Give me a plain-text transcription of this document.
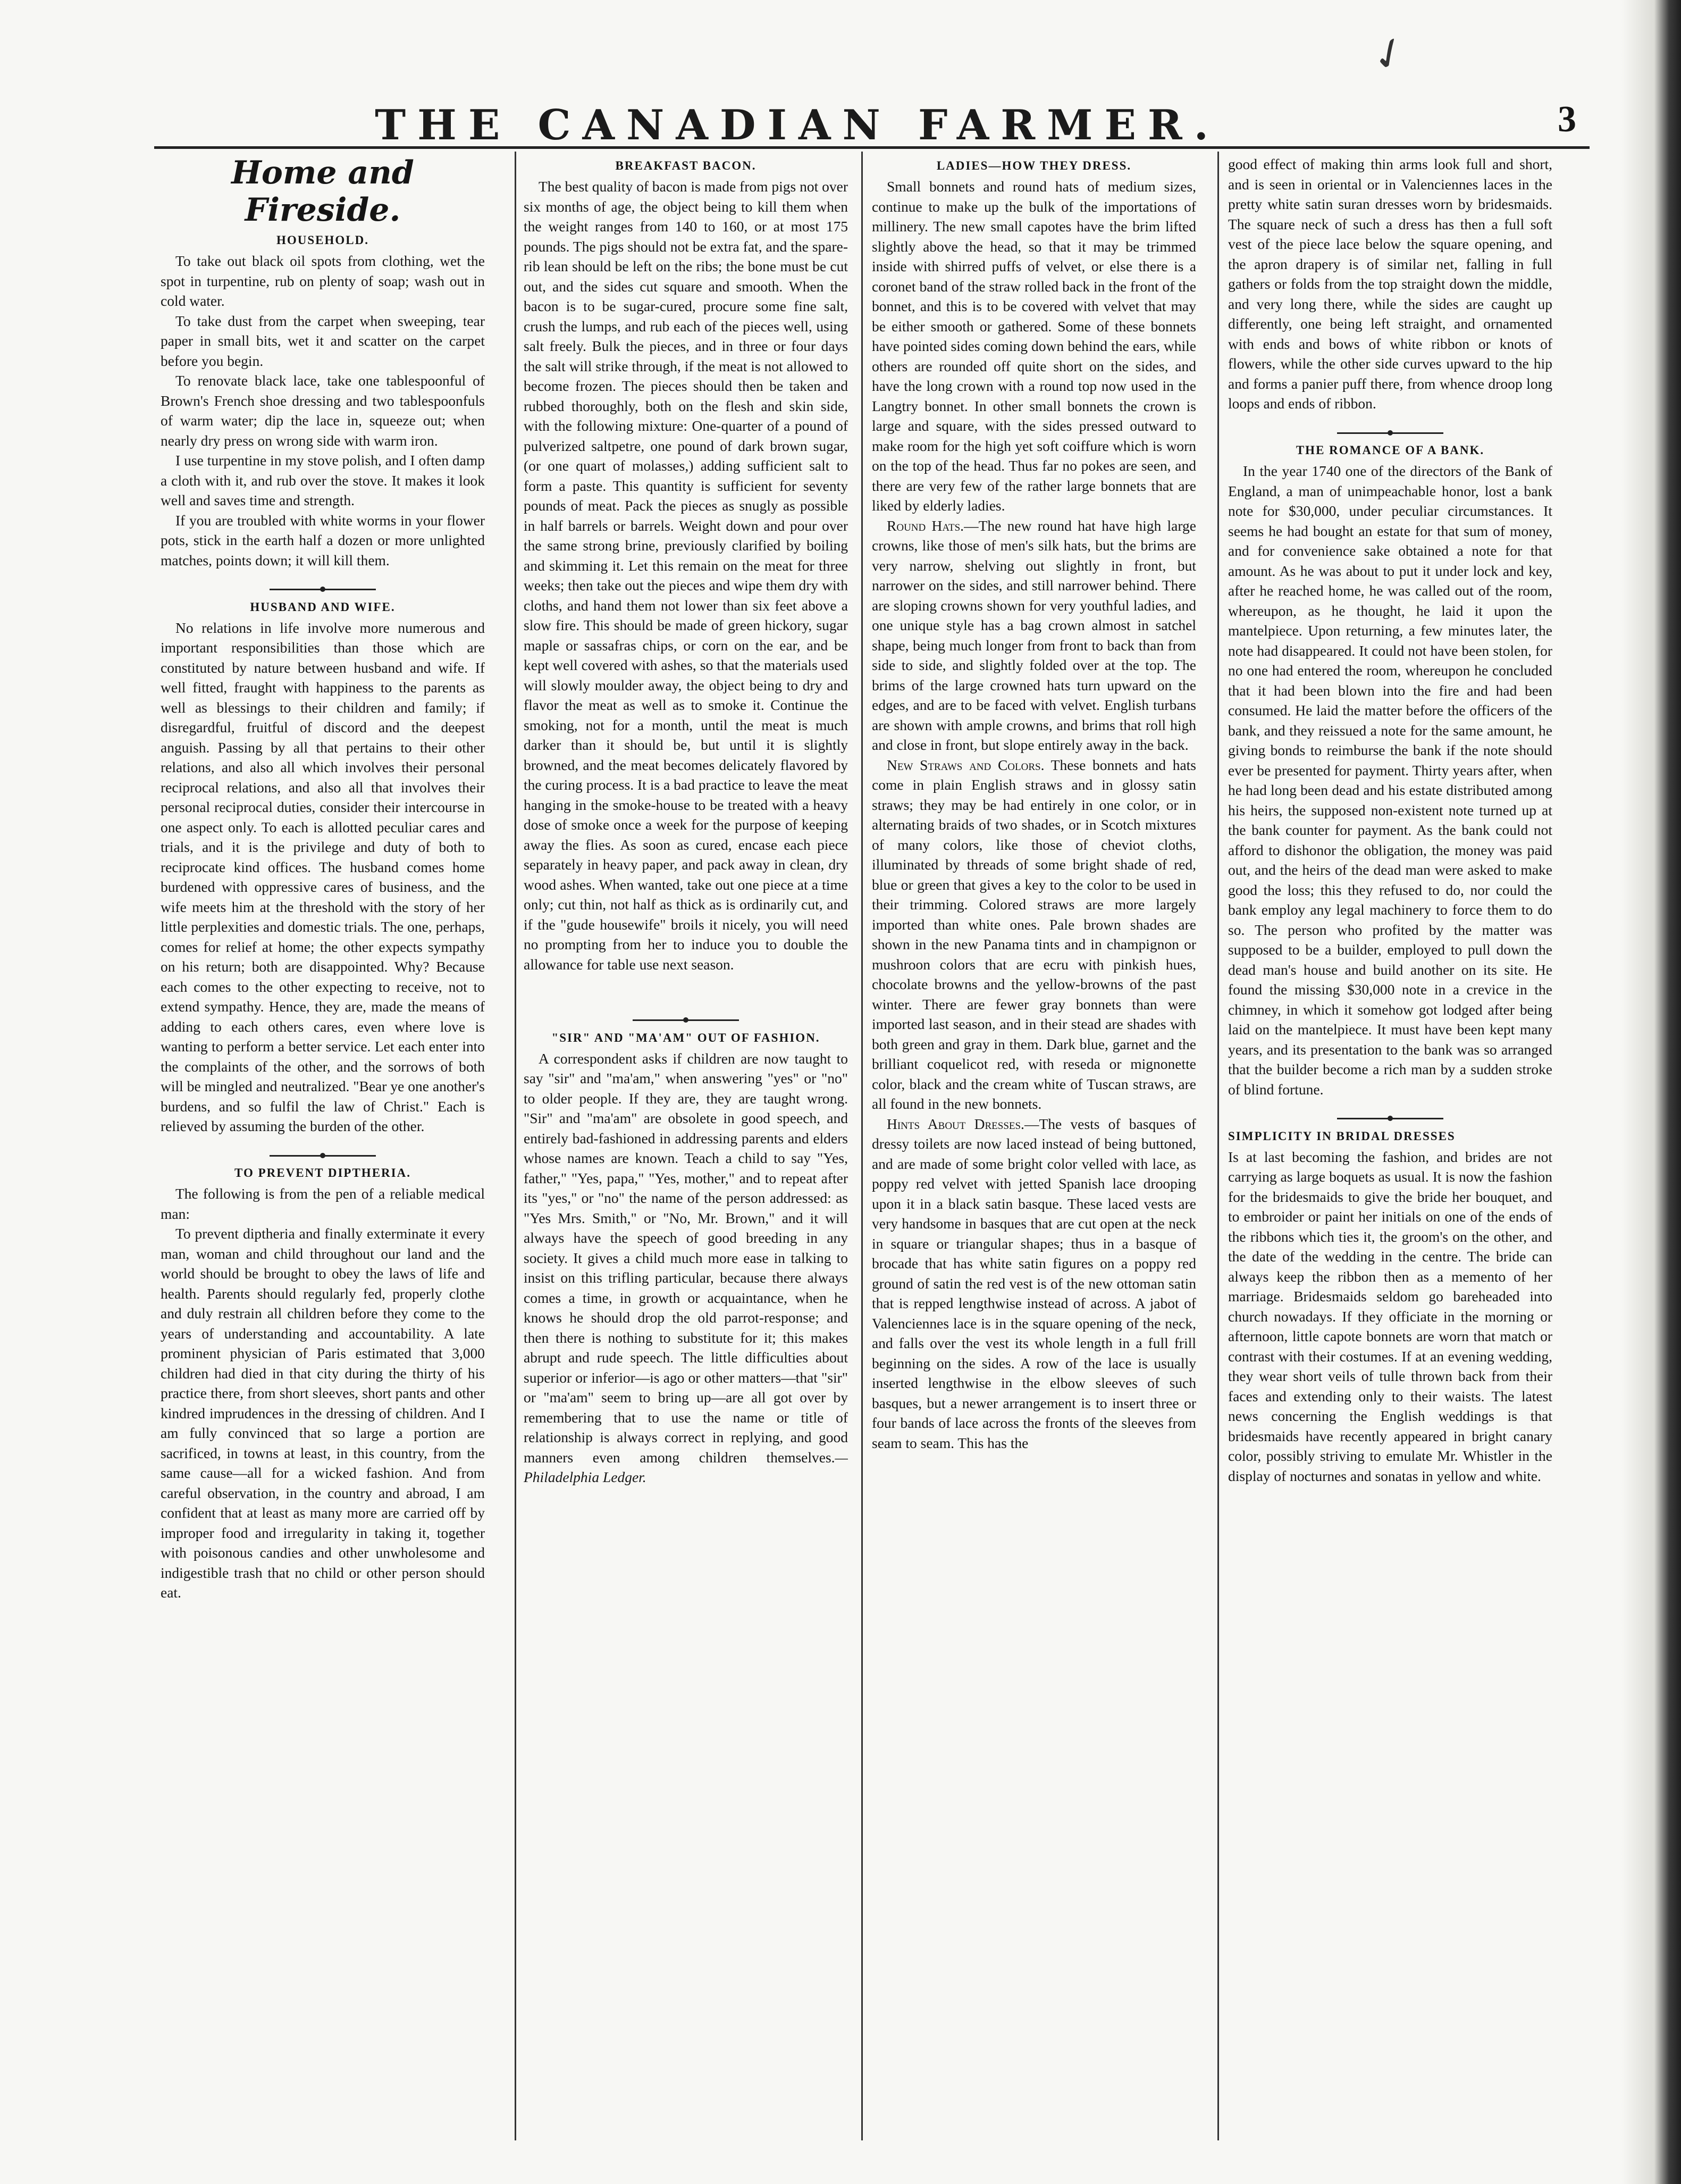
✓
THE CANADIAN FARMER.	3
Home and Fireside.
HOUSEHOLD.

To take out black oil spots from clothing, wet the spot in turpentine, rub on plenty of soap; wash out in cold water.

To take dust from the carpet when sweeping, tear paper in small bits, wet it and scatter on the carpet before you begin.

To renovate black lace, take one tablespoonful of Brown's French shoe dressing and two tablespoonfuls of warm water; dip the lace in, squeeze out; when nearly dry press on wrong side with warm iron.

I use turpentine in my stove polish, and I often damp a cloth with it, and rub over the stove. It makes it look well and saves time and strength.

If you are troubled with white worms in your flower pots, stick in the earth half a dozen or more unlighted matches, points down; it will kill them.

HUSBAND AND WIFE.

No relations in life involve more numerous and important responsibilities than those which are constituted by nature between husband and wife. If well fitted, fraught with happiness to the parents as well as blessings to their children and family; if disregardful, fruitful of discord and the deepest anguish. Passing by all that pertains to their other relations, and also all which involves their personal reciprocal relations, and also all that involves their personal reciprocal duties, consider their intercourse in one aspect only. To each is allotted peculiar cares and trials, and it is the privilege and duty of both to reciprocate kind offices. The husband comes home burdened with oppressive cares of business, and the wife meets him at the threshold with the story of her little perplexities and domestic trials. The one, perhaps, comes for relief at home; the other expects sympathy on his return; both are disappointed. Why? Because each comes to the other expecting to receive, not to extend sympathy. Hence, they are, made the means of adding to each others cares, even where love is wanting to perform a better service. Let each enter into the complaints of the other, and the sorrows of both will be mingled and neutralized. "Bear ye one another's burdens, and so fulfil the law of Christ." Each is relieved by assuming the burden of the other.

TO PREVENT DIPTHERIA.

The following is from the pen of a reliable medical man:

To prevent diptheria and finally exterminate it every man, woman and child throughout our land and the world should be brought to obey the laws of life and health. Parents should regularly fed, properly clothe and duly restrain all children before they come to the years of understanding and accountability. A late prominent physician of Paris estimated that 3,000 children had died in that city during the thirty of his practice there, from short sleeves, short pants and other kindred imprudences in the dressing of children. And I am fully convinced that so large a portion are sacrificed, in towns at least, in this country, from the same cause—all for a wicked fashion. And from careful observation, in the country and abroad, I am confident that at least as many more are carried off by improper food and irregularity in taking it, together with poisonous candies and other unwholesome and indigestible trash that no child or other person should eat.

BREAKFAST BACON.

The best quality of bacon is made from pigs not over six months of age, the object being to kill them when the weight ranges from 140 to 160, or at most 175 pounds. The pigs should not be extra fat, and the spare-rib lean should be left on the ribs; the bone must be cut out, and the sides cut square and smooth. When the bacon is to be sugar-cured, procure some fine salt, crush the lumps, and rub each of the pieces well, using salt freely. Bulk the pieces, and in three or four days the salt will strike through, if the meat is not allowed to become frozen. The pieces should then be taken and rubbed thoroughly, both on the flesh and skin side, with the following mixture: One-quarter of a pound of pulverized saltpetre, one pound of dark brown sugar, (or one quart of molasses,) adding sufficient salt to form a paste. This quantity is sufficient for seventy pounds of meat. Pack the pieces as snugly as possible in half barrels or barrels. Weight down and pour over the same strong brine, previously clarified by boiling and skimming it. Let this remain on the meat for three weeks; then take out the pieces and wipe them dry with cloths, and hand them not lower than six feet above a slow fire. This should be made of green hickory, sugar maple or sassafras chips, or corn on the ear, and be kept well covered with ashes, so that the materials used will slowly moulder away, the object being to dry and flavor the meat as well as to smoke it. Continue the smoking, not for a month, until the meat is much darker than it should be, but until it is slightly browned, and the meat becomes delicately flavored by the curing process. It is a bad practice to leave the meat hanging in the smoke-house to be treated with a heavy dose of smoke once a week for the purpose of keeping away the flies. As soon as cured, encase each piece separately in heavy paper, and pack away in clean, dry wood ashes. When wanted, take out one piece at a time only; cut thin, not half as thick as is ordinarily cut, and if the "gude housewife" broils it nicely, you will need no prompting from her to induce you to double the allowance for table use next season.

"SIR" AND "MA'AM" OUT OF FASHION.

A correspondent asks if children are now taught to say "sir" and "ma'am," when answering "yes" or "no" to older people. If they are, they are taught wrong. "Sir" and "ma'am" are obsolete in good speech, and entirely bad-fashioned in addressing parents and elders whose names are known. Teach a child to say "Yes, father," "Yes, papa," "Yes, mother," and to repeat after its "yes," or "no" the name of the person addressed: as "Yes Mrs. Smith," or "No, Mr. Brown," and it will always have the speech of good breeding in any society. It gives a child much more ease in talking to insist on this trifling particular, because there always comes a time, in growth or acquaintance, when he knows he should drop the old parrot-response; and then there is nothing to substitute for it; this makes abrupt and rude speech. The little difficulties about superior or inferior—is ago or other matters—that "sir" or "ma'am" seem to bring up—are all got over by remembering that to use the name or title of relationship is always correct in replying, and good manners even among children themselves.—Philadelphia Ledger.

LADIES—HOW THEY DRESS.

Small bonnets and round hats of medium sizes, continue to make up the bulk of the importations of millinery. The new small capotes have the brim lifted slightly above the head, so that it may be trimmed inside with shirred puffs of velvet, or else there is a coronet band of the straw rolled back in the front of the bonnet, and this is to be covered with velvet that may be either smooth or gathered. Some of these bonnets have pointed sides coming down behind the ears, while others are rounded off quite short on the sides, and have the long crown with a round top now used in the Langtry bonnet. In other small bonnets the crown is large and square, with the sides pressed outward to make room for the high yet soft coiffure which is worn on the top of the head. Thus far no pokes are seen, and there are very few of the rather large bonnets that are liked by elderly ladies.

Round Hats.—The new round hat have high large crowns, like those of men's silk hats, but the brims are very narrow, shelving out slightly in front, but narrower on the sides, and still narrower behind. There are sloping crowns shown for very youthful ladies, and one unique style has a bag crown almost in satchel shape, being much longer from front to back than from side to side, and slightly folded over at the top. The brims of the large crowned hats turn upward on the edges, and are to be faced with velvet. English turbans are shown with ample crowns, and brims that roll high and close in front, but slope entirely away in the back.

New Straws and Colors. These bonnets and hats come in plain English straws and in glossy satin straws; they may be had entirely in one color, or in alternating braids of two shades, or in Scotch mixtures of many colors, like those of cheviot cloths, illuminated by threads of some bright shade of red, blue or green that gives a key to the color to be used in their trimming. Colored straws are more largely imported than white ones. Pale brown shades are shown in the new Panama tints and in champignon or mushroon colors that are ecru with pinkish hues, chocolate browns and the yellow-browns of the past winter. There are fewer gray bonnets than were imported last season, and in their stead are shades with both green and gray in them. Dark blue, garnet and the brilliant coquelicot red, with reseda or mignonette color, black and the cream white of Tuscan straws, are all found in the new bonnets.

Hints About Dresses.—The vests of basques of dressy toilets are now laced instead of being buttoned, and are made of some bright color velled with lace, as poppy red velvet with jetted Spanish lace drooping upon it in a black satin basque. These laced vests are very handsome in basques that are cut open at the neck in square or triangular shapes; thus in a basque of brocade that has white satin figures on a poppy red ground of satin the red vest is of the new ottoman satin that is repped lengthwise instead of across. A jabot of Valenciennes lace is in the square opening of the neck, and falls over the vest its whole length in a full frill beginning on the sides. A row of the lace is usually inserted lengthwise in the elbow sleeves of such basques, but a newer arrangement is to insert three or four bands of lace across the fronts of the sleeves from seam to seam. This has the

good effect of making thin arms look full and short, and is seen in oriental or in Valenciennes laces in the pretty white satin suran dresses worn by bridesmaids. The square neck of such a dress has then a full soft vest of the piece lace below the square opening, and the apron drapery is of similar net, falling in full gathers or folds from the top straight down the middle, and very long there, while the sides are caught up differently, one being left straight, and ornamented with ends and bows of white ribbon or knots of flowers, while the other side curves upward to the hip and forms a panier puff there, from whence droop long loops and ends of ribbon.

THE ROMANCE OF A BANK.

In the year 1740 one of the directors of the Bank of England, a man of unimpeachable honor, lost a bank note for $30,000, under peculiar circumstances. It seems he had bought an estate for that sum of money, and for convenience sake obtained a note for that amount. As he was about to put it under lock and key, after he reached home, he was called out of the room, whereupon, as he thought, he laid it upon the mantelpiece. Upon returning, a few minutes later, the note had disappeared. It could not have been stolen, for no one had entered the room, whereupon he concluded that it had been blown into the fire and had been consumed. He laid the matter before the officers of the bank, and they reissued a note for the same amount, he giving bonds to reimburse the bank if the note should ever be presented for payment. Thirty years after, when he had long been dead and his estate distributed among his heirs, the supposed non-existent note turned up at the bank counter for payment. As the bank could not afford to dishonor the obligation, the money was paid out, and the heirs of the dead man were asked to make good the loss; this they refused to do, nor could the bank employ any legal machinery to force them to do so. The person who profited by the matter was supposed to be a builder, employed to pull down the dead man's house and build another on its site. He found the missing $30,000 note in a crevice in the chimney, in which it somehow got lodged after being laid on the mantelpiece. It must have been kept many years, and its presentation to the bank was so arranged that the builder become a rich man by a sudden stroke of blind fortune.

SIMPLICITY IN BRIDAL DRESSES

Is at last becoming the fashion, and brides are not carrying as large boquets as usual. It is now the fashion for the bridesmaids to give the bride her bouquet, and to embroider or paint her initials on one of the ends of the ribbons which ties it, the groom's on the other, and the date of the wedding in the centre. The bride can always keep the ribbon then as a memento of her marriage. Bridesmaids seldom go bareheaded into church nowadays. If they officiate in the morning or afternoon, little capote bonnets are worn that match or contrast with their costumes. If at an evening wedding, they wear short veils of tulle thrown back from their faces and extending only to their waists. The latest news concerning the English weddings is that bridesmaids have recently appeared in bright canary color, possibly striving to emulate Mr. Whistler in the display of nocturnes and sonatas in yellow and white.
